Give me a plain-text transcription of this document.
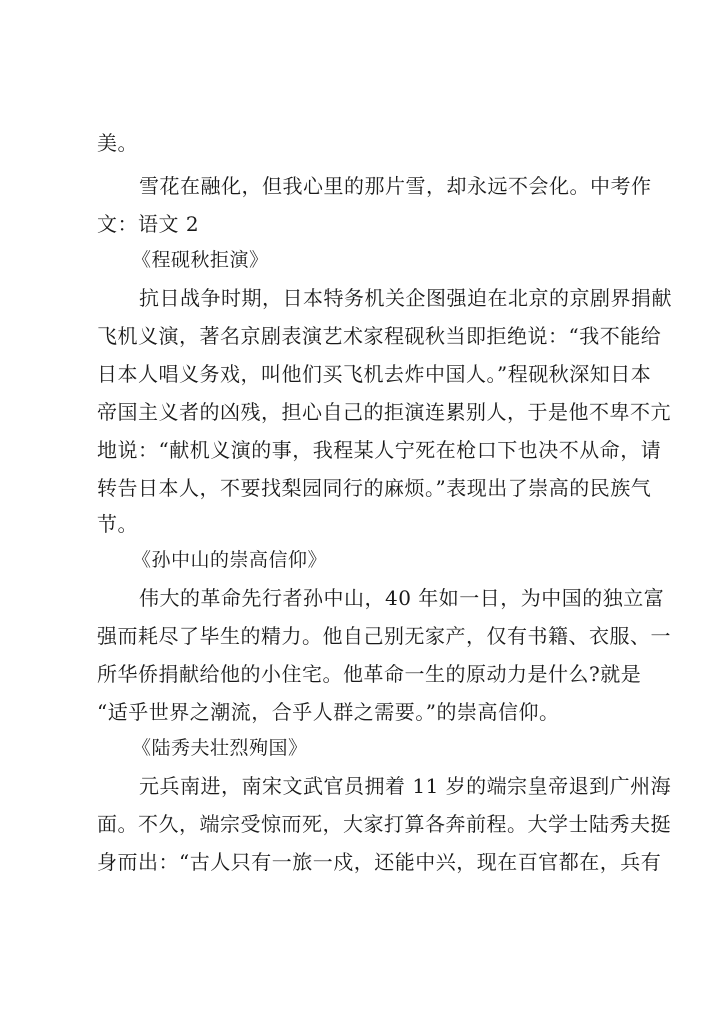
美。
雪花在融化，但我心里的那片雪，却永远不会化。中考作
文：语文 2
《程砚秋拒演》
抗日战争时期，日本特务机关企图强迫在北京的京剧界捐献
飞机义演，著名京剧表演艺术家程砚秋当即拒绝说：“我不能给
日本人唱义务戏，叫他们买飞机去炸中国人。”程砚秋深知日本
帝国主义者的凶残，担心自己的拒演连累别人，于是他不卑不亢
地说：“献机义演的事，我程某人宁死在枪口下也决不从命，请
转告日本人，不要找梨园同行的麻烦。”表现出了崇高的民族气
节。
《孙中山的崇高信仰》
伟大的革命先行者孙中山，40 年如一日，为中国的独立富
强而耗尽了毕生的精力。他自己别无家产，仅有书籍、衣服、一
所华侨捐献给他的小住宅。他革命一生的原动力是什么?就是
“适乎世界之潮流，合乎人群之需要。”的崇高信仰。
《陆秀夫壮烈殉国》
元兵南进，南宋文武官员拥着 11 岁的端宗皇帝退到广州海
面。不久，端宗受惊而死，大家打算各奔前程。大学士陆秀夫挺
身而出：“古人只有一旅一戍，还能中兴，现在百官都在，兵有
